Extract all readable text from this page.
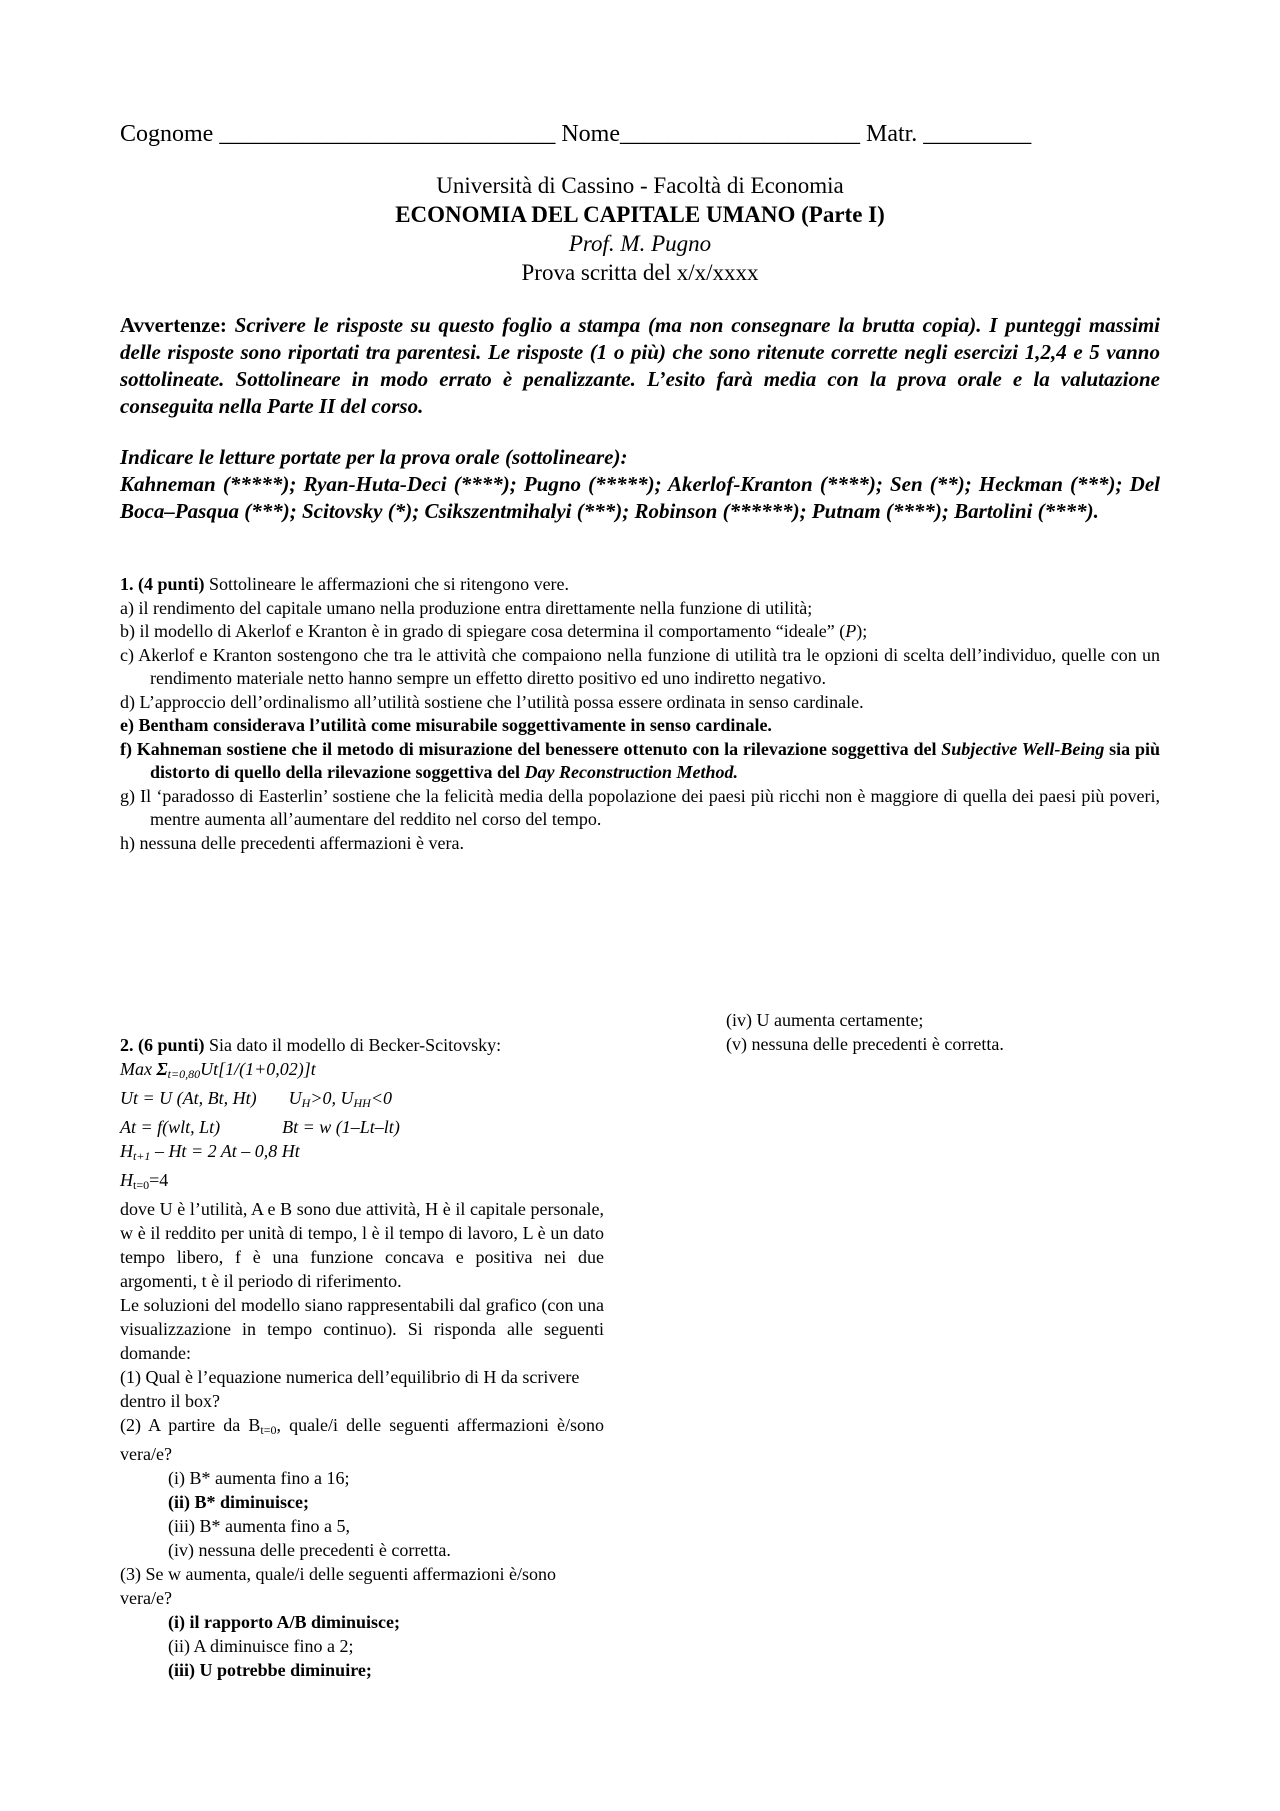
Cognome ____________________________ Nome____________________ Matr. _________
Università di Cassino - Facoltà di Economia
ECONOMIA DEL CAPITALE UMANO (Parte I)
Prof. M. Pugno
Prova scritta del x/x/xxxx
Avvertenze: Scrivere le risposte su questo foglio a stampa (ma non consegnare la brutta copia). I punteggi massimi delle risposte sono riportati tra parentesi. Le risposte (1 o più) che sono ritenute corrette negli esercizi 1,2,4 e 5 vanno sottolineate. Sottolineare in modo errato è penalizzante. L’esito farà media con la prova orale e la valutazione conseguita nella Parte II del corso.
Indicare le letture portate per la prova orale (sottolineare):
Kahneman (*****); Ryan-Huta-Deci (****); Pugno (*****); Akerlof-Kranton (****); Sen (**); Heckman (***); Del Boca–Pasqua (***); Scitovsky (*); Csikszentmihalyi (***); Robinson (******); Putnam (****); Bartolini (****).
1. (4 punti) Sottolineare le affermazioni che si ritengono vere.
a) il rendimento del capitale umano nella produzione entra direttamente nella funzione di utilità;
b) il modello di Akerlof e Kranton è in grado di spiegare cosa determina il comportamento “ideale” (P);
c) Akerlof e Kranton sostengono che tra le attività che compaiono nella funzione di utilità tra le opzioni di scelta dell’individuo, quelle con un rendimento materiale netto hanno sempre un effetto diretto positivo ed uno indiretto negativo.
d) L’approccio dell’ordinalismo all’utilità sostiene che l’utilità possa essere ordinata in senso cardinale.
e) Bentham considerava l’utilità come misurabile soggettivamente in senso cardinale.
f) Kahneman sostiene che il metodo di misurazione del benessere ottenuto con la rilevazione soggettiva del Subjective Well-Being sia più distorto di quello della rilevazione soggettiva del Day Reconstruction Method.
g) Il ‘paradosso di Easterlin’ sostiene che la felicità media della popolazione dei paesi più ricchi non è maggiore di quella dei paesi più poveri, mentre aumenta all’aumentare del reddito nel corso del tempo.
h) nessuna delle precedenti affermazioni è vera.
2. (6 punti) Sia dato il modello di Becker-Scitovsky:
Max $\Sigma_{t=0,80}Ut[1/(1+0,02)]t$
Ut = U (At, Bt, Ht) $U_H>0$, $U_{HH}<0$
At = f(wlt, Lt)	Bt = w (1–Lt–lt)
$H_{t+1} - Ht = 2$ At – 0,8 Ht
$H_{t=0}=4$
dove U è l’utilità, A e B sono due attività, H è il capitale personale, w è il reddito per unità di tempo, l è il tempo di lavoro, L è un dato tempo libero, f è una funzione concava e positiva nei due argomenti, t è il periodo di riferimento.
Le soluzioni del modello siano rappresentabili dal grafico (con una visualizzazione in tempo continuo). Si risponda alle seguenti domande:
(1) Qual è l’equazione numerica dell’equilibrio di H da scrivere dentro il box?
(2) A partire da $B_{t=0}$, quale/i delle seguenti affermazioni è/sono vera/e?
(i) B* aumenta fino a 16;
(ii) B* diminuisce;
(iii) B* aumenta fino a 5,
(iv) nessuna delle precedenti è corretta.
(3) Se w aumenta, quale/i delle seguenti affermazioni è/sono vera/e?
(i) il rapporto A/B diminuisce;
(ii) A diminuisce fino a 2;
(iii) U potrebbe diminuire;
(iv) U aumenta certamente;
(v) nessuna delle precedenti è corretta.
